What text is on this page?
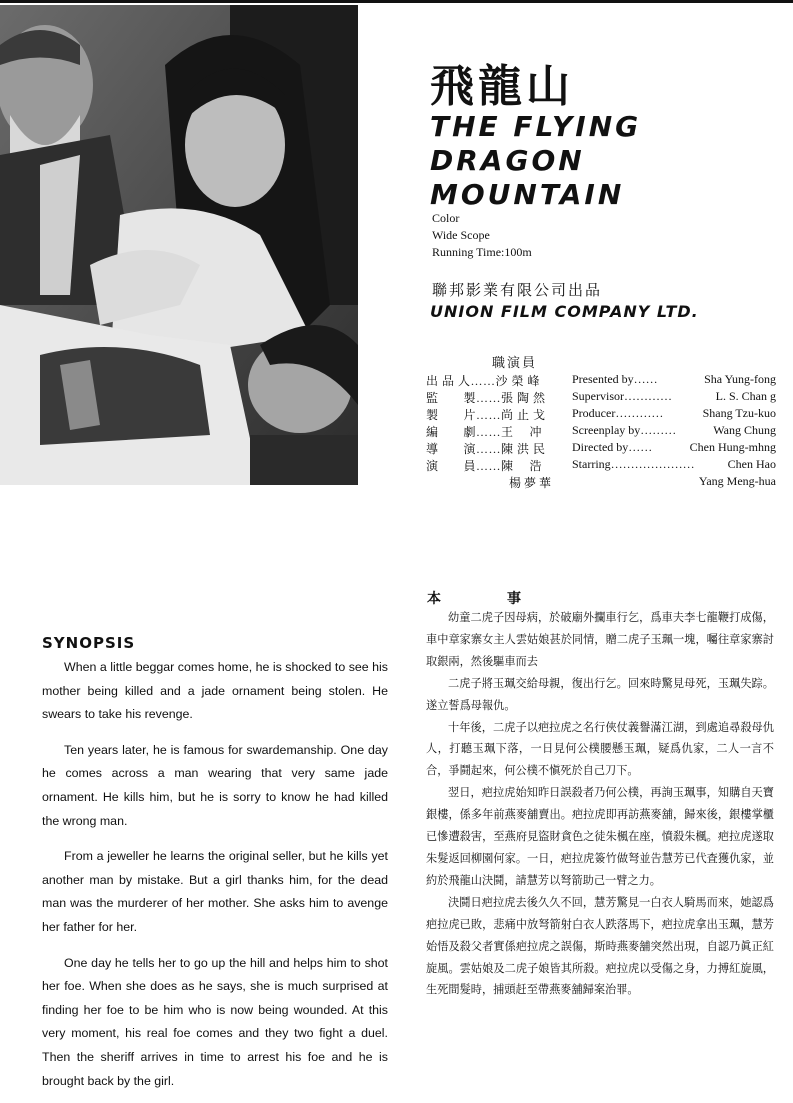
飛龍山
THE FLYING DRAGON MOUNTAIN
Color
Wide Scope
Running Time:100m
聯邦影業有限公司出品
UNION FILM COMPANY LTD.
職演員
出 品 人……沙 榮 峰	Presented by……	Sha Yung-fong
監　　製……張 陶 然 Supervisor…………	L. S. Chan g
製　　片……尚 止 戈 Producer…………	Shang Tzu-kuo
編　　劇……王　 冲 Screenplay by………	Wang Chung
導　　演……陳 洪 民 Directed by……	Chen Hung-mhng
演　　員……陳　 浩 Starring…………………	Chen Hao
楊 夢 華	Yang Meng-hua
SYNOPSIS

When a little beggar comes home, he is shocked to see his mother being killed and a jade ornament being stolen. He swears to take his revenge.

Ten years later, he is famous for swardemanship. One day he comes across a man wearing that very same jade ornament. He kills him, but he is sorry to know he had killed the wrong man.

From a jeweller he learns the original seller, but he kills yet another man by mistake. But a girl thanks him, for the dead man was the murderer of her mother. She asks him to avenge her father for her.

One day he tells her to go up the hill and helps him to shot her foe. When she does as he says, she is much surprised at finding her foe to be him who is now being wounded. At this very moment, his real foe comes and they two fight a duel. Then the sheriff arrives in time to arrest his foe and he is brought back by the girl.

本	事

幼童二虎子因母病，於破廟外攔車行乞，爲車夫李七龍鞭打成傷，車中章家寨女主人雲姑娘甚於同情，贈二虎子玉珮一塊，囑往章家寨討取銀兩，然後驅車而去

二虎子將玉珮交給母親，復出行乞。回來時驚見母死，玉珮失踪。遂立誓爲母報仇。

十年後，二虎子以疤拉虎之名行俠仗義譽滿江湖，到處追尋殺母仇人，打聽玉珮下落，一日見何公樸腰懸玉珮，疑爲仇家，二人一言不合，爭鬪起來，何公樸不愼死於自己刀下。

翌日，疤拉虎始知昨日誤殺者乃何公樸，再詢玉珮事，知購自天寶銀樓，係多年前燕麥舖賣出。疤拉虎即再訪燕麥舖，歸來後，銀樓掌櫃已慘遭殺害，至燕府見盜財貪色之徒朱楓在座，憤殺朱楓。疤拉虎遂取朱髮返回柳園何家。一日，疤拉虎簽竹做弩並告慧芳已代査獲仇家，並約於飛龍山決鬪，請慧芳以弩箭助己一臂之力。

決鬪日疤拉虎去後久久不回，慧芳驚見一白衣人騎馬而來，她認爲疤拉虎已敗，悲痛中放弩箭射白衣人跌落馬下，疤拉虎拿出玉珮，慧芳始悟及殺父者實係疤拉虎之誤傷，斯時燕麥舖突然出現，自認乃眞正紅旋風。雲姑娘及二虎子娘皆其所殺。疤拉虎以受傷之身，力搏紅旋風，生死間髮時，捕頭赶至帶燕麥舖歸案治罪。
